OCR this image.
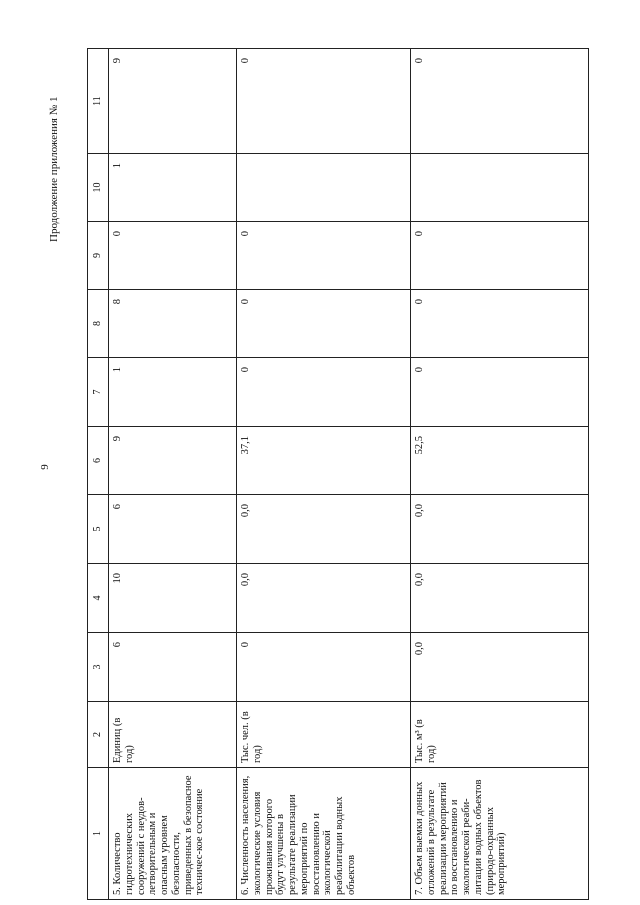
9
Продолжение приложения № 1
1	2	3	4	5	6	7	8	9	10	11
5. Количество гидротехнических сооружений с неудов-летворительным и опасным уровнем безопасности, приведенных в безопасное техничес-кое состояние	Единиц (в год)	6	10	6	9	1	8	0	1	9
6. Численность населения, экологические условия проживания которого будут улучшены в результате реализации мероприятий по восстановлению и экологической реабилитации водных объектов	Тыс. чел. (в год)	0	0,0	0,0	37,1	0	0	0		0
7. Объем выемки донных отложений в результате реализации мероприятий по восстановлению и экологической реаби-литации водных объектов (природо-охранных мероприятий)	Тыс. м³ (в год)	0,0	0,0	0,0	52,5	0	0	0		0
